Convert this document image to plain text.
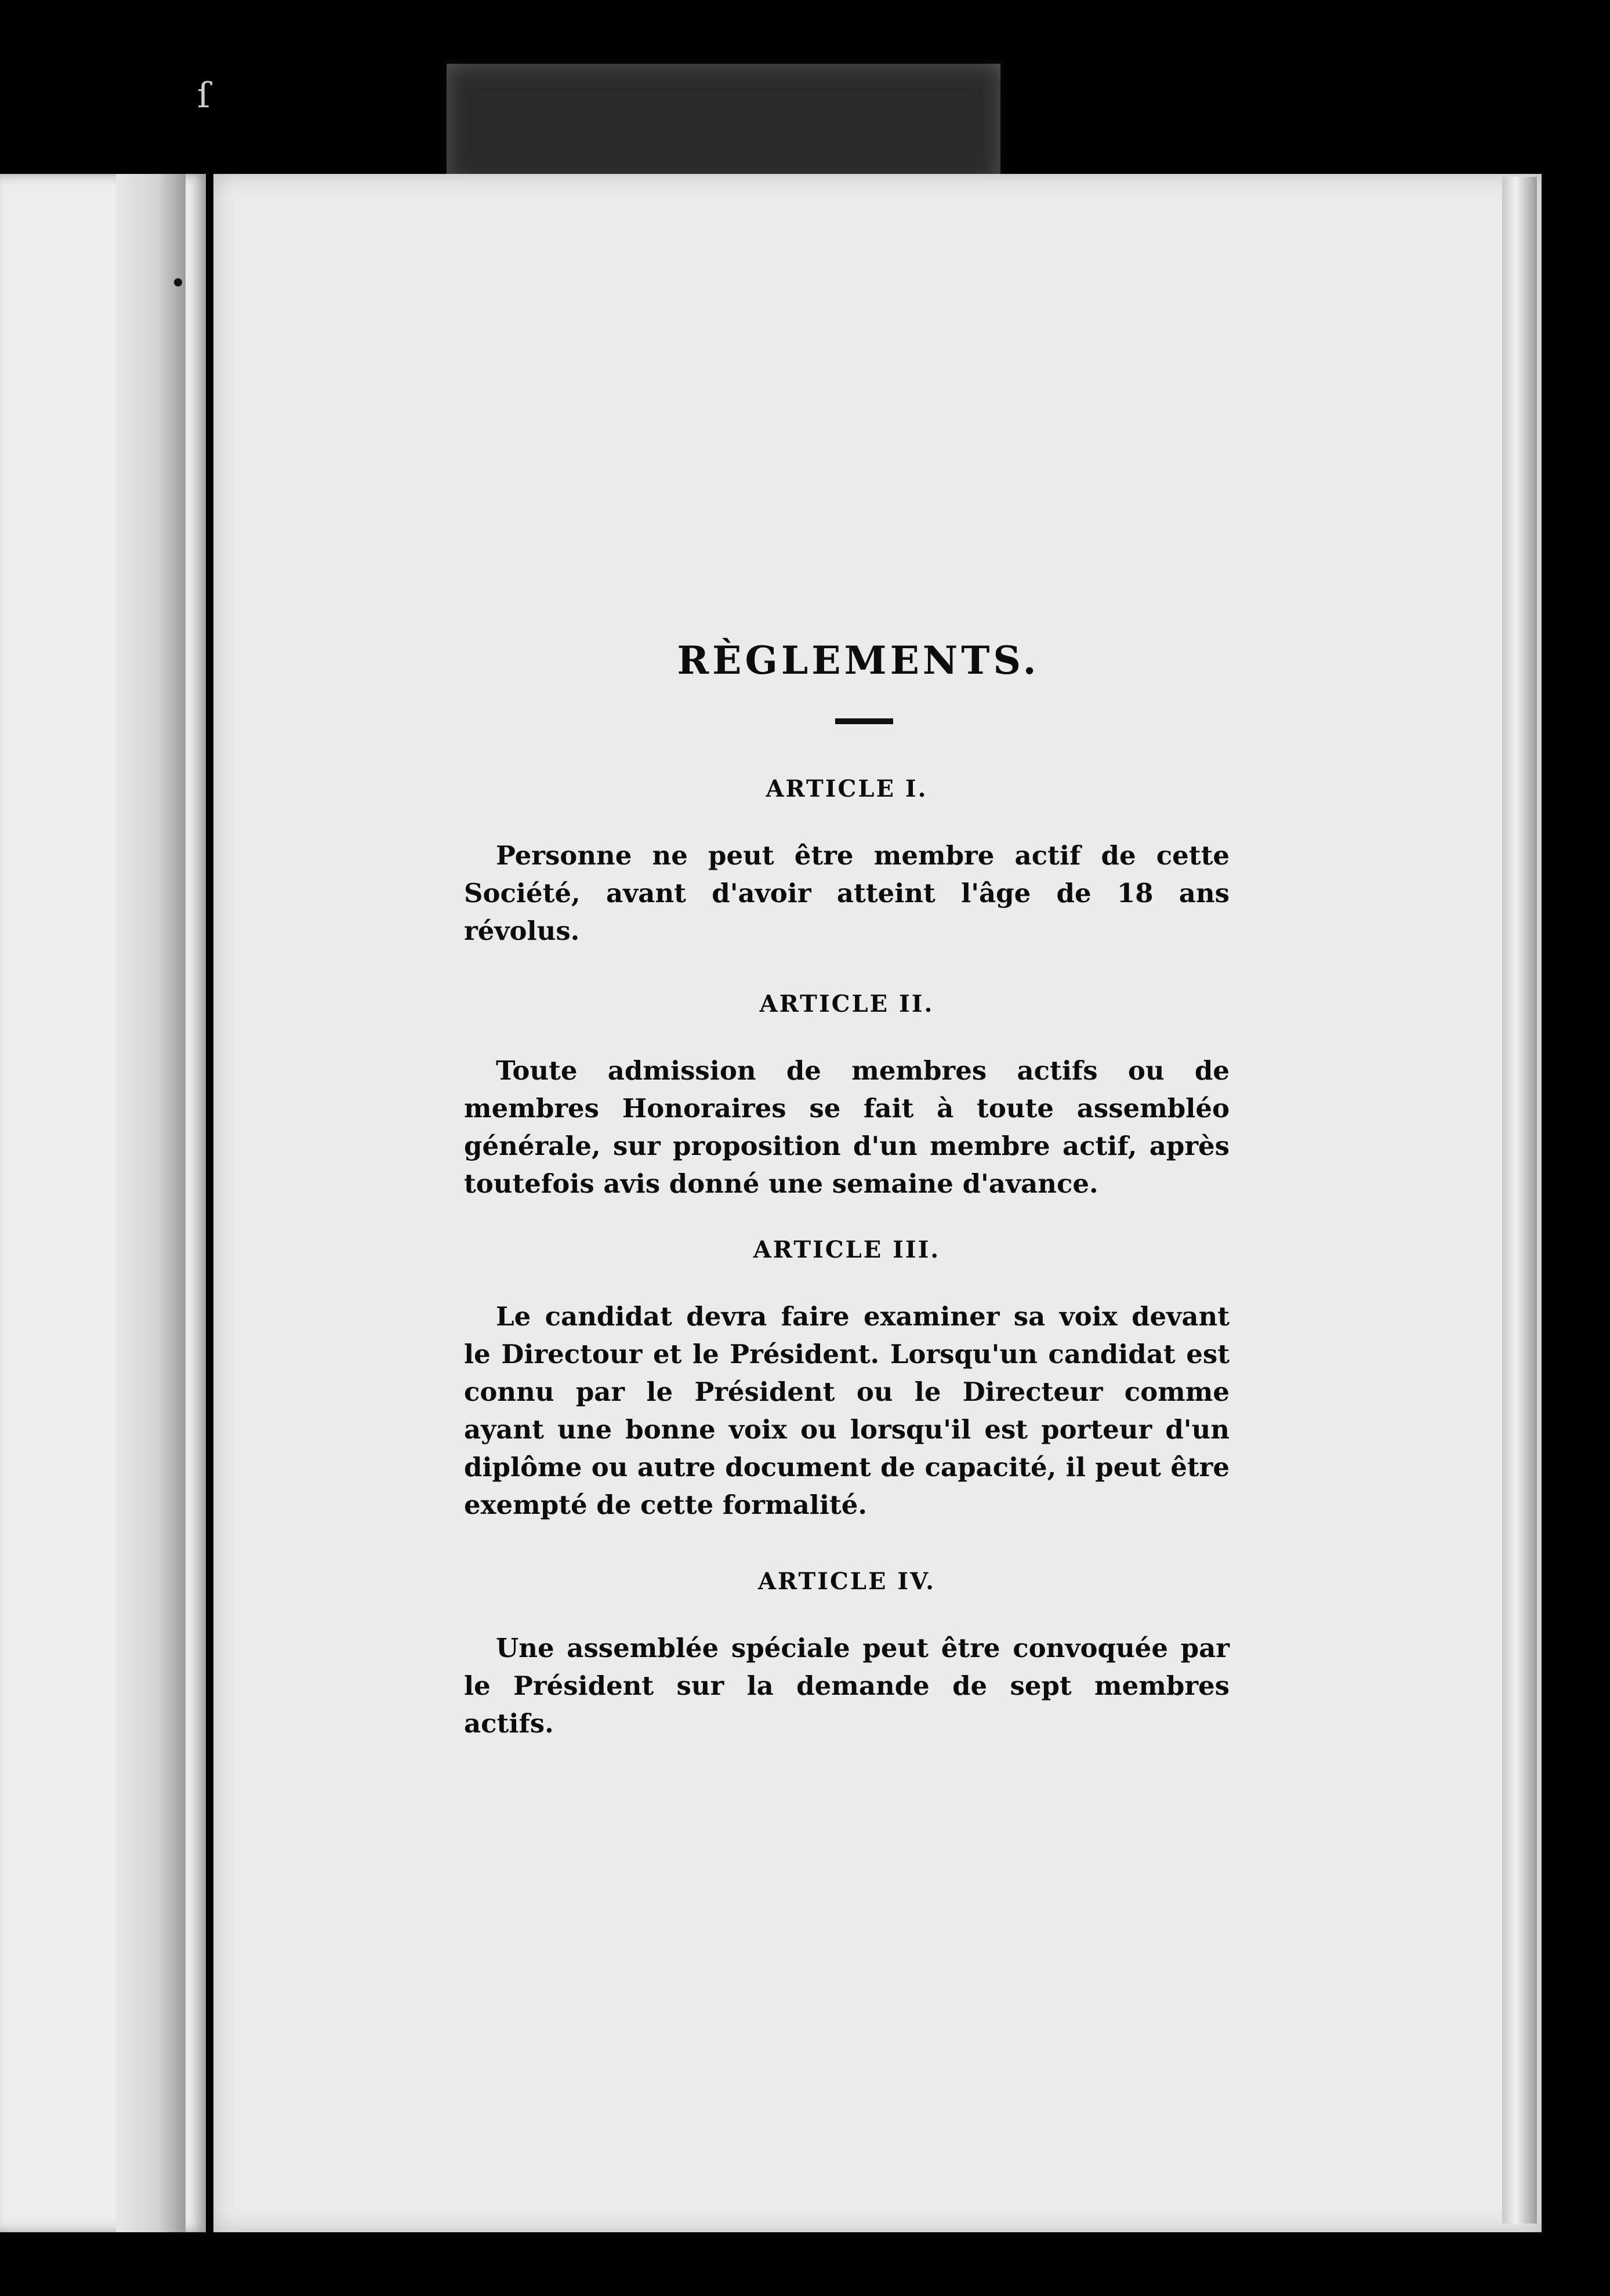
ſ
RÈGLEMENTS.
ARTICLE I.

Personne ne peut être membre actif de cette Société, avant d'avoir atteint l'âge de 18 ans révolus.

ARTICLE II.

Toute admission de membres actifs ou de membres Honoraires se fait à toute assembléo générale, sur proposition d'un membre actif, après toutefois avis donné une semaine d'avance.

ARTICLE III.

Le candidat devra faire examiner sa voix devant le Directour et le Président. Lorsqu'un candidat est connu par le Président ou le Directeur comme ayant une bonne voix ou lorsqu'il est porteur d'un diplôme ou autre document de capacité, il peut être exempté de cette formalité.

ARTICLE IV.

Une assemblée spéciale peut être convoquée par le Président sur la demande de sept membres actifs.
